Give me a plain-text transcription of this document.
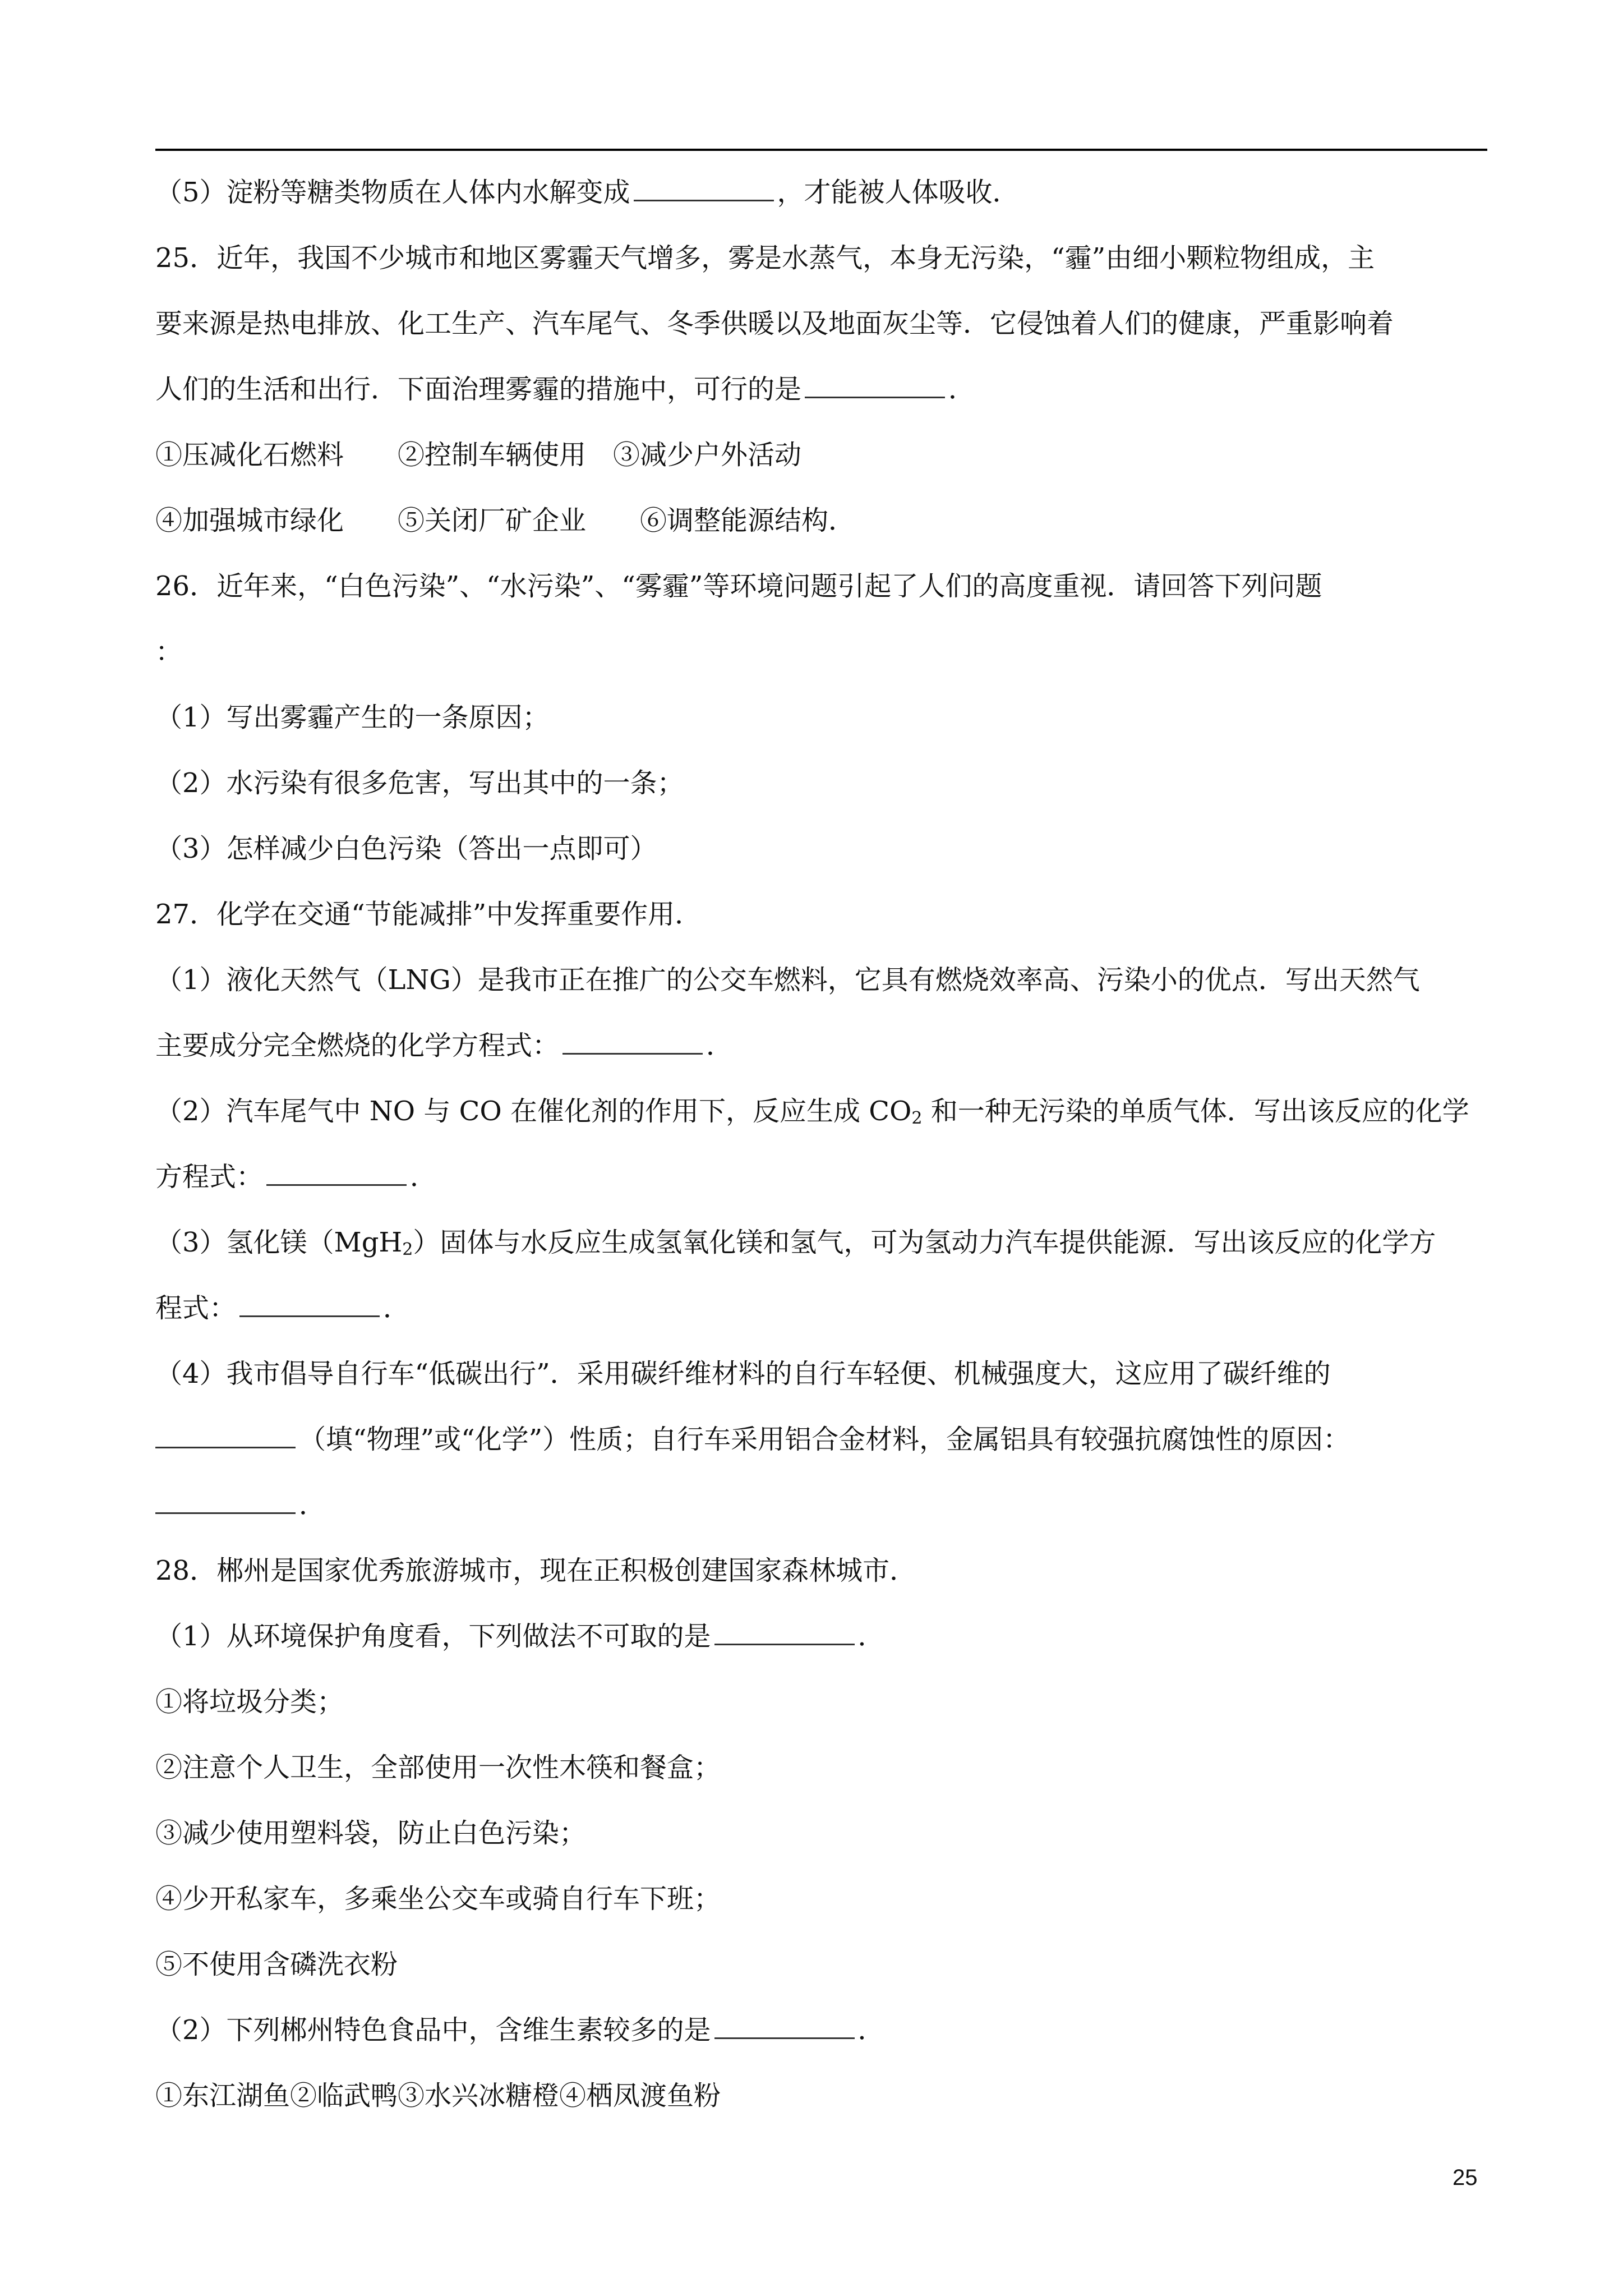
（5）淀粉等糖类物质在人体内水解变成	，才能被人体吸收．
25．近年，我国不少城市和地区雾霾天气增多，雾是水蒸气，本身无污染，“霾”由细小颗粒物组成，主
要来源是热电排放、化工生产、汽车尾气、冬季供暖以及地面灰尘等．它侵蚀着人们的健康，严重影响着
人们的生活和出行．下面治理雾霾的措施中，可行的是	．
①压减化石燃料　　②控制车辆使用　③减少户外活动
④加强城市绿化　　⑤关闭厂矿企业　　⑥调整能源结构．
26．近年来，“白色污染”、“水污染”、“雾霾”等环境问题引起了人们的高度重视．请回答下列问题
：
（1）写出雾霾产生的一条原因；
（2）水污染有很多危害，写出其中的一条；
（3）怎样减少白色污染（答出一点即可）
27．化学在交通“节能减排”中发挥重要作用．
（1）液化天然气（LNG）是我市正在推广的公交车燃料，它具有燃烧效率高、污染小的优点．写出天然气
主要成分完全燃烧的化学方程式：	．
（2）汽车尾气中 NO 与 CO 在催化剂的作用下，反应生成 $CO_2$ 和一种无污染的单质气体．写出该反应的化学
方程式：	．
（3）氢化镁（MgH$_2$）固体与水反应生成氢氧化镁和氢气，可为氢动力汽车提供能源．写出该反应的化学方
程式：	．
（4）我市倡导自行车“低碳出行”．采用碳纤维材料的自行车轻便、机械强度大，这应用了碳纤维的
（填“物理”或“化学”）性质；自行车采用铝合金材料，金属铝具有较强抗腐蚀性的原因：
．
28．郴州是国家优秀旅游城市，现在正积极创建国家森林城市．
（1）从环境保护角度看，下列做法不可取的是	．
①将垃圾分类；
②注意个人卫生，全部使用一次性木筷和餐盒；
③减少使用塑料袋，防止白色污染；
④少开私家车，多乘坐公交车或骑自行车下班；
⑤不使用含磷洗衣粉
（2）下列郴州特色食品中，含维生素较多的是	．
①东江湖鱼②临武鸭③水兴冰糖橙④栖凤渡鱼粉
25
